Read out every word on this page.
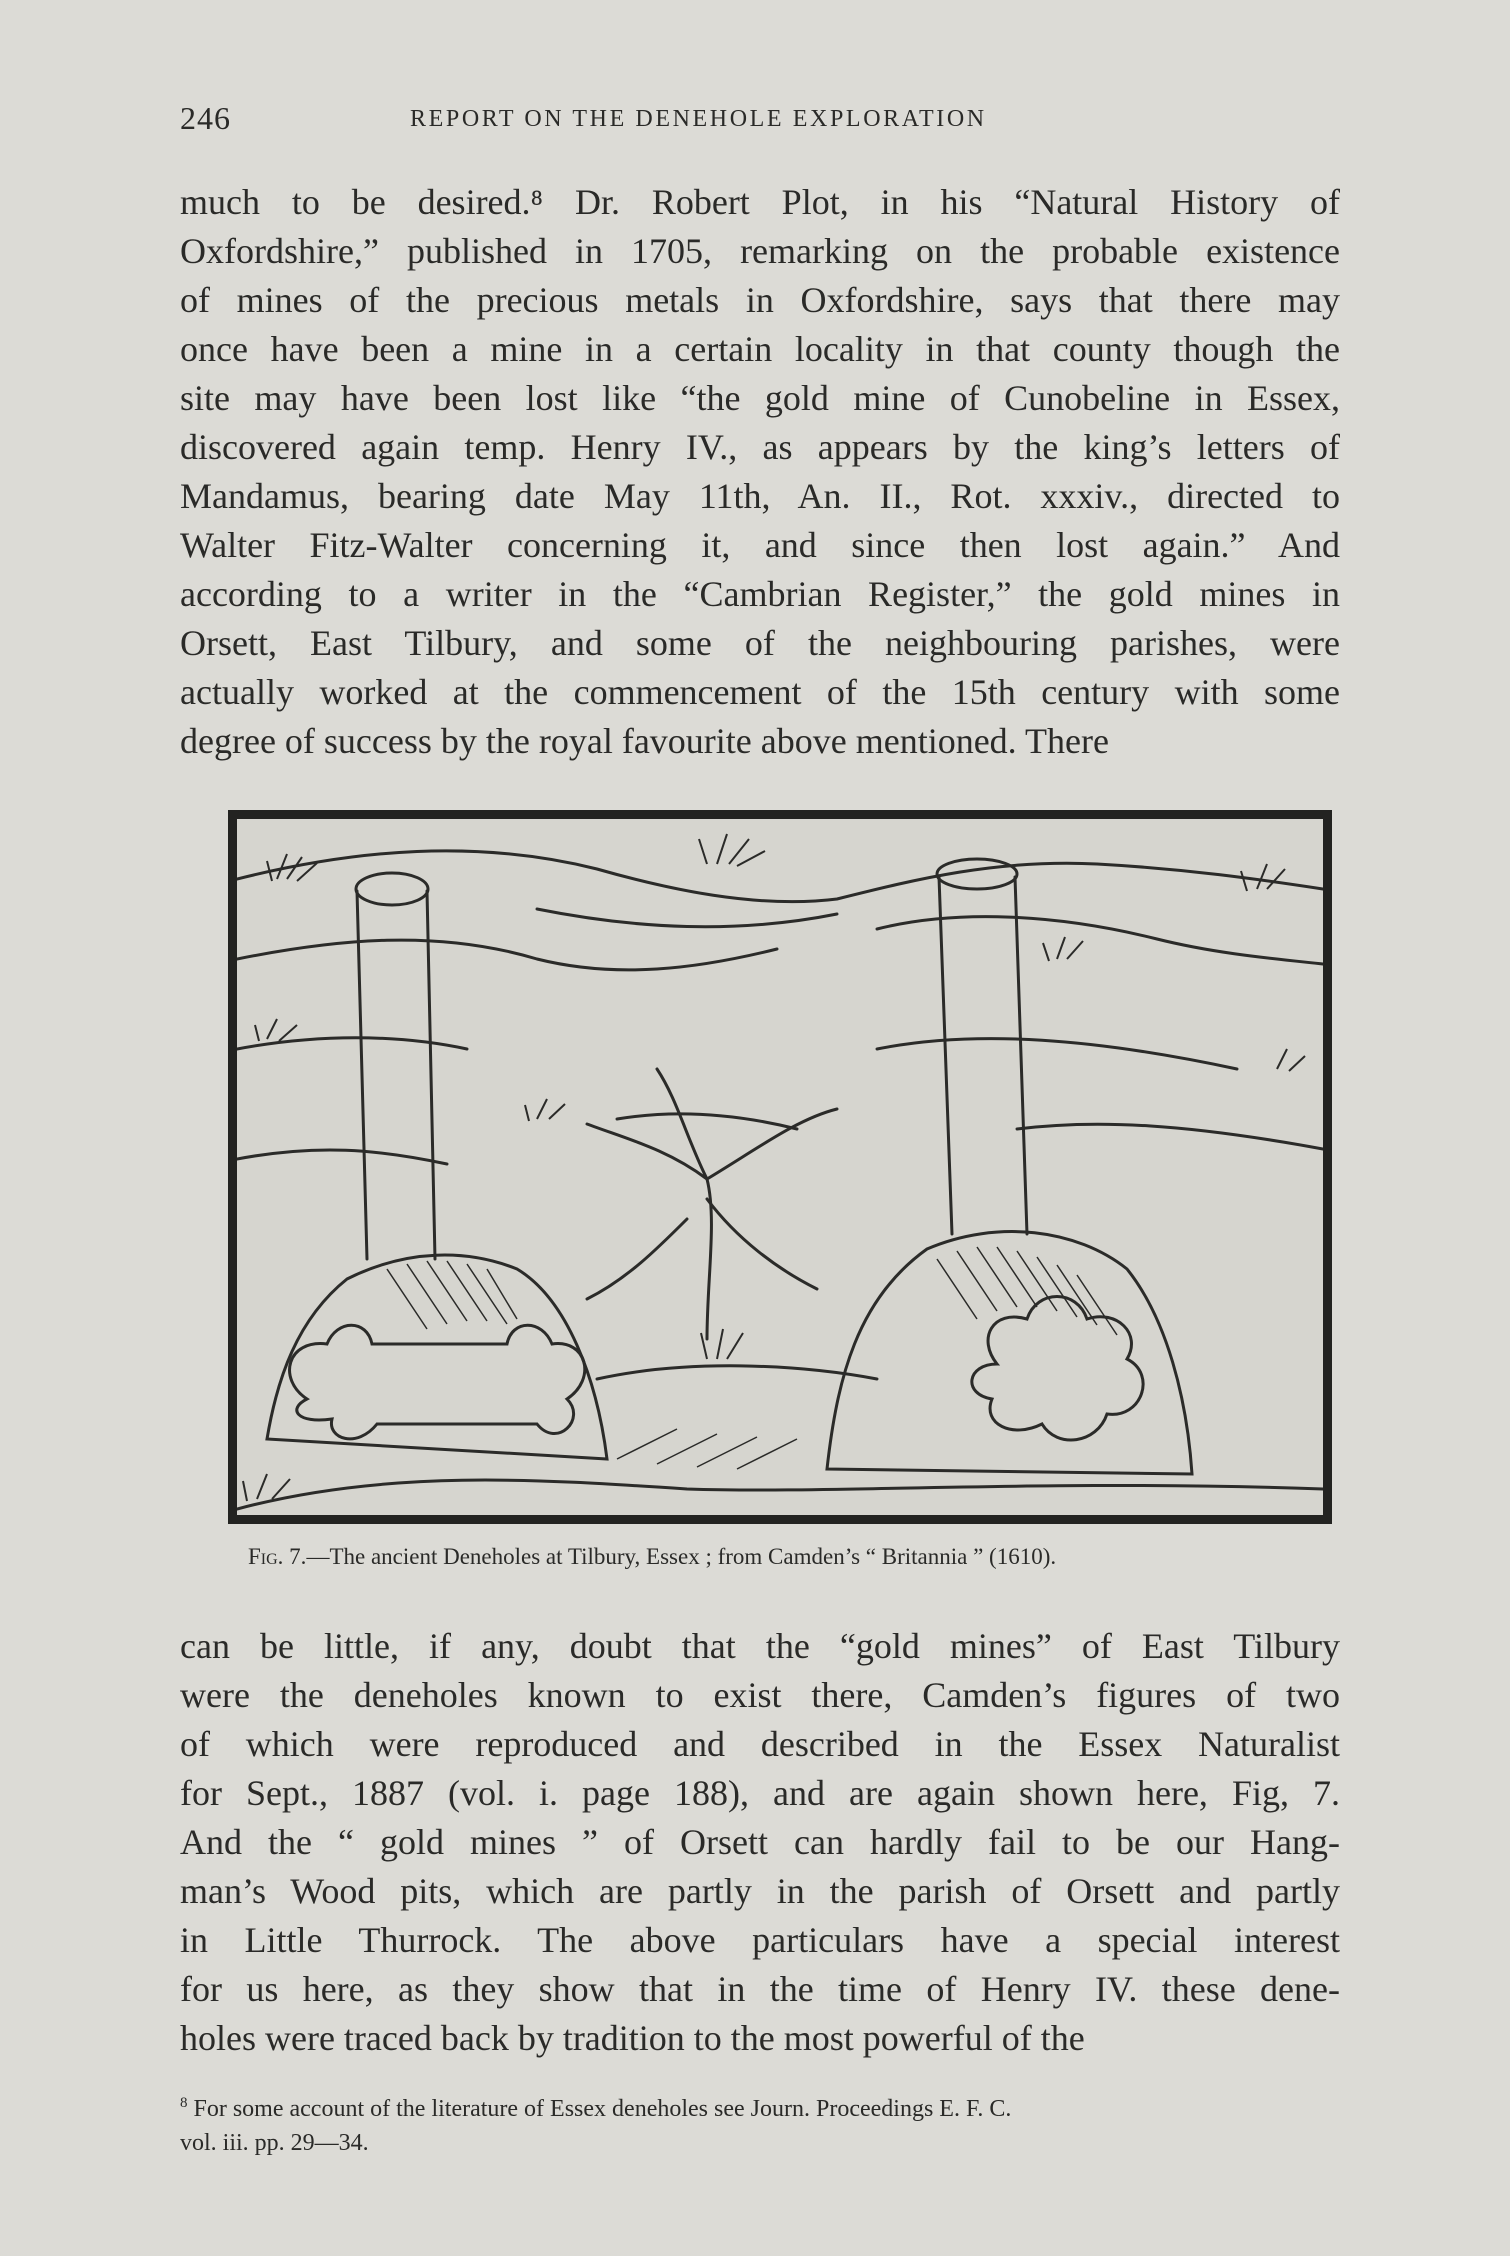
246	REPORT ON THE DENEHOLE EXPLORATION
much to be desired.⁸ Dr. Robert Plot, in his “Natural History of
Oxfordshire,” published in 1705, remarking on the probable existence
of mines of the precious metals in Oxfordshire, says that there may
once have been a mine in a certain locality in that county though the
site may have been lost like “the gold mine of Cunobeline in Essex,
discovered again temp. Henry IV., as appears by the king’s letters of
Mandamus, bearing date May 11th, An. II., Rot. xxxiv., directed to
Walter Fitz-Walter concerning it, and since then lost again.” And
according to a writer in the “Cambrian Register,” the gold mines in
Orsett, East Tilbury, and some of the neighbouring parishes, were
actually worked at the commencement of the 15th century with some
degree of success by the royal favourite above mentioned. There
Fig. 7.—The ancient Deneholes at Tilbury, Essex ; from Camden’s “ Britannia ” (1610).
can be little, if any, doubt that the “gold mines” of East Tilbury
were the deneholes known to exist there, Camden’s figures of two
of which were reproduced and described in the Essex Naturalist
for Sept., 1887 (vol. i. page 188), and are again shown here, Fig, 7.
And the “ gold mines ” of Orsett can hardly fail to be our Hang-
man’s Wood pits, which are partly in the parish of Orsett and partly
in Little Thurrock. The above particulars have a special interest
for us here, as they show that in the time of Henry IV. these dene-
holes were traced back by tradition to the most powerful of the
$^8$ For some account of the literature of Essex deneholes see Journ. Proceedings E. F. C.
vol. iii. pp. 29—34.
